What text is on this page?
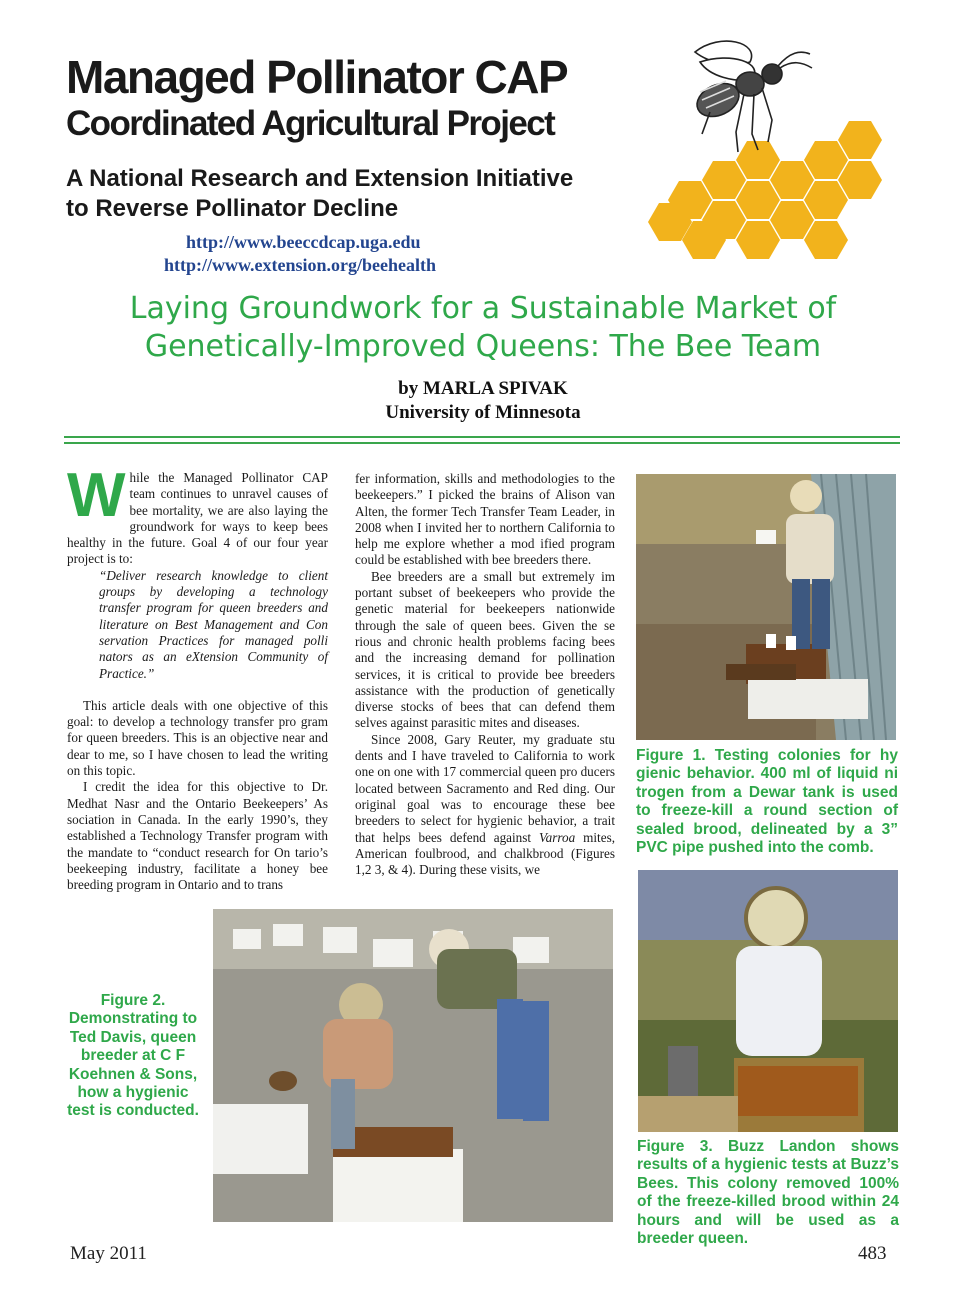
Managed Pollinator CAP
Coordinated Agricultural Project
A National Research and Extension Initiative
to Reverse Pollinator Decline
http://www.beeccdcap.uga.edu
http://www.extension.org/beehealth
Laying Groundwork for a Sustainable Market of
Genetically-Improved Queens: The Bee Team
by MARLA SPIVAK
University of Minnesota

While the Managed Pollinator CAP team continues to unravel causes of bee mortality, we are also laying the groundwork for ways to keep bees healthy in the future. Goal 4 of our four year project is to:

“Deliver research knowledge to client groups by developing a technology transfer program for queen breeders and literature on Best Management and Con servation Practices for managed polli nators as an eXtension Community of Practice.”

This article deals with one objective of this goal: to develop a technology transfer pro gram for queen breeders. This is an objective near and dear to me, so I have chosen to lead the writing on this topic.

I credit the idea for this objective to Dr. Medhat Nasr and the Ontario Beekeepers’ As sociation in Canada. In the early 1990’s, they established a Technology Transfer program with the mandate to “conduct research for On tario’s beekeeping industry, facilitate a honey bee breeding program in Ontario and to trans

fer information, skills and methodologies to the beekeepers.” I picked the brains of Alison van Alten, the former Tech Transfer Team Leader, in 2008 when I invited her to northern California to help me explore whether a mod ified program could be established with bee breeders there.

Bee breeders are a small but extremely im portant subset of beekeepers who provide the genetic material for beekeepers nationwide through the sale of queen bees. Given the se rious and chronic health problems facing bees and the increasing demand for pollination services, it is critical to provide bee breeders assistance with the production of genetically diverse stocks of bees that can defend them selves against parasitic mites and diseases.

Since 2008, Gary Reuter, my graduate stu dents and I have traveled to California to work one on one with 17 commercial queen pro ducers located between Sacramento and Red ding. Our original goal was to encourage these bee breeders to select for hygienic behavior, a trait that helps bees defend against Varroa mites, American foulbrood, and chalkbrood (Figures 1,2 3, & 4). During these visits, we

Figure 1. Testing colonies for hy gienic behavior. 400 ml of liquid ni trogen from a Dewar tank is used to freeze-kill a round section of sealed brood, delineated by a 3” PVC pipe pushed into the comb.
Figure 2. Demonstrating to Ted Davis, queen breeder at C F Koehnen & Sons, how a hygienic test is conducted.
Figure 3. Buzz Landon shows results of a hygienic tests at Buzz’s Bees. This colony removed 100% of the freeze-killed brood within 24 hours and will be used as a breeder queen.
May 2011	483
